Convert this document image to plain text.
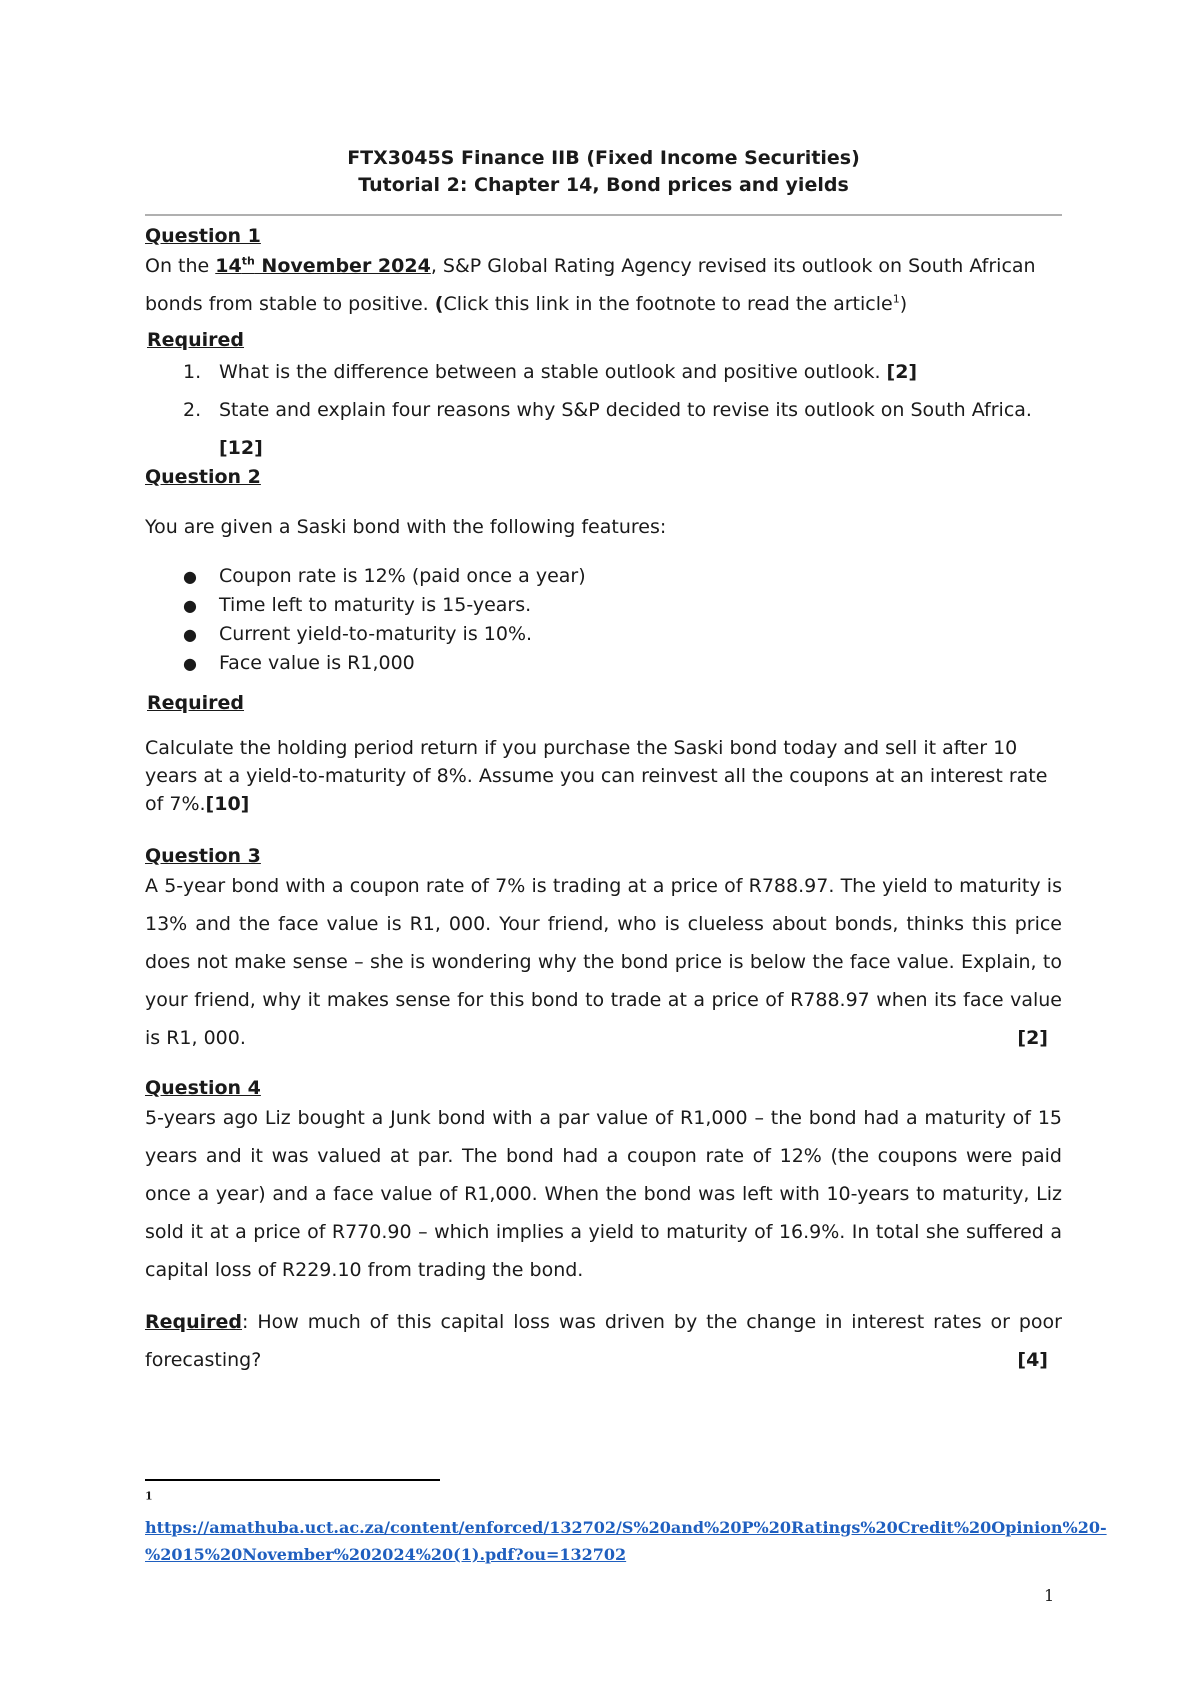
FTX3045S Finance IIB (Fixed Income Securities)
Tutorial 2: Chapter 14, Bond prices and yields
Question 1

On the 14th November 2024, S&P Global Rating Agency revised its outlook on South African bonds from stable to positive. (Click this link in the footnote to read the article$^1$)

Required
1. What is the difference between a stable outlook and positive outlook. [2]
2. State and explain four reasons why S&P decided to revise its outlook on South Africa. [12]
Question 2

You are given a Saski bond with the following features:

● Coupon rate is 12% (paid once a year)
● Time left to maturity is 15-years.
● Current yield-to-maturity is 10%.
● Face value is R1,000
Required

Calculate the holding period return if you purchase the Saski bond today and sell it after 10 years at a yield-to-maturity of 8%. Assume you can reinvest all the coupons at an interest rate of 7%.[10]

Question 3

A 5-year bond with a coupon rate of 7% is trading at a price of R788.97. The yield to maturity is 13% and the face value is R1, 000. Your friend, who is clueless about bonds, thinks this price does not make sense – she is wondering why the bond price is below the face value. Explain, to your friend, why it makes sense for this bond to trade at a price of R788.97 when its face value is R1, 000.	[2]

Question 4

5-years ago Liz bought a Junk bond with a par value of R1,000 – the bond had a maturity of 15 years and it was valued at par. The bond had a coupon rate of 12% (the coupons were paid once a year) and a face value of R1,000. When the bond was left with 10-years to maturity, Liz sold it at a price of R770.90 – which implies a yield to maturity of 16.9%. In total she suffered a capital loss of R229.10 from trading the bond.

Required: How much of this capital loss was driven by the change in interest rates or poor forecasting?	[4]

$^1$ https://amathuba.uct.ac.za/content/enforced/132702/S%20and%20P%20Ratings%20Credit%20Opinion%20-
%2015%20November%202024%20(1).pdf?ou=132702
1
